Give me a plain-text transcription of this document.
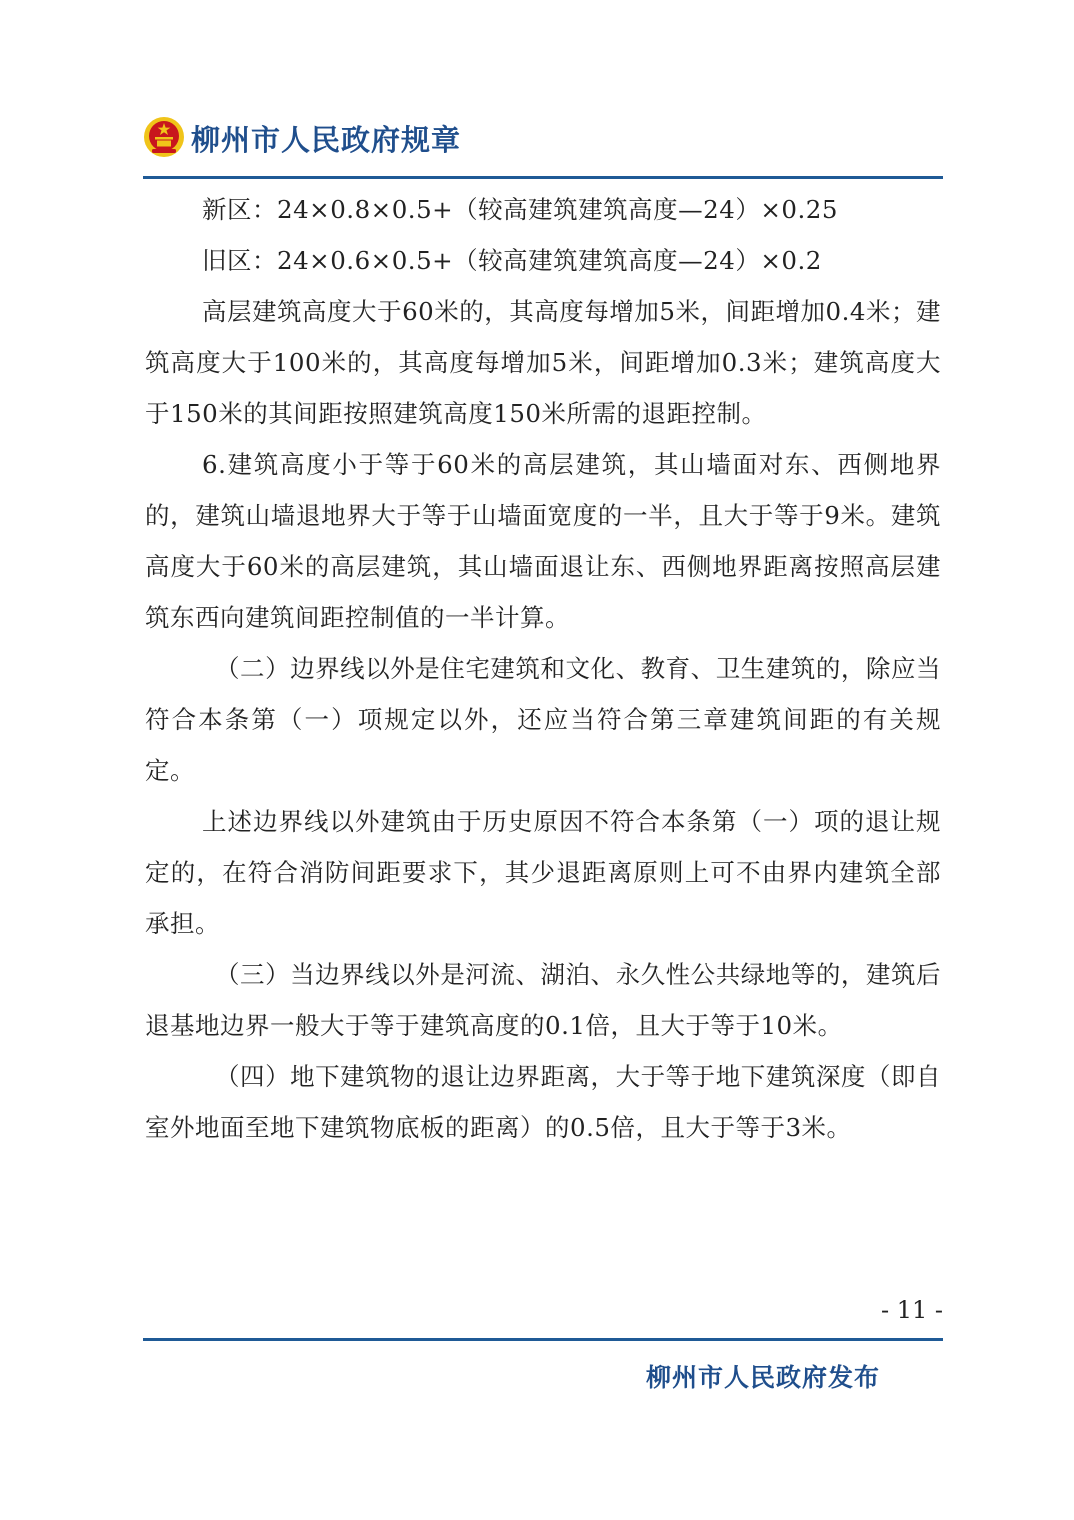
柳州市人民政府规章

新区：24×0.8×0.5+（较高建筑建筑高度—24）×0.25

旧区：24×0.6×0.5+（较高建筑建筑高度—24）×0.2

高层建筑高度大于60米的，其高度每增加5米，间距增加0.4米；建筑高度大于100米的，其高度每增加5米，间距增加0.3米；建筑高度大于150米的其间距按照建筑高度150米所需的退距控制。

6.建筑高度小于等于60米的高层建筑，其山墙面对东、西侧地界的，建筑山墙退地界大于等于山墙面宽度的一半，且大于等于9米。建筑高度大于60米的高层建筑，其山墙面退让东、西侧地界距离按照高层建筑东西向建筑间距控制值的一半计算。

（二）边界线以外是住宅建筑和文化、教育、卫生建筑的，除应当符合本条第（一）项规定以外，还应当符合第三章建筑间距的有关规定。

上述边界线以外建筑由于历史原因不符合本条第（一）项的退让规定的，在符合消防间距要求下，其少退距离原则上可不由界内建筑全部承担。

（三）当边界线以外是河流、湖泊、永久性公共绿地等的，建筑后退基地边界一般大于等于建筑高度的0.1倍，且大于等于10米。

（四）地下建筑物的退让边界距离，大于等于地下建筑深度（即自室外地面至地下建筑物底板的距离）的0.5倍，且大于等于3米。

- 11 -
柳州市人民政府发布
